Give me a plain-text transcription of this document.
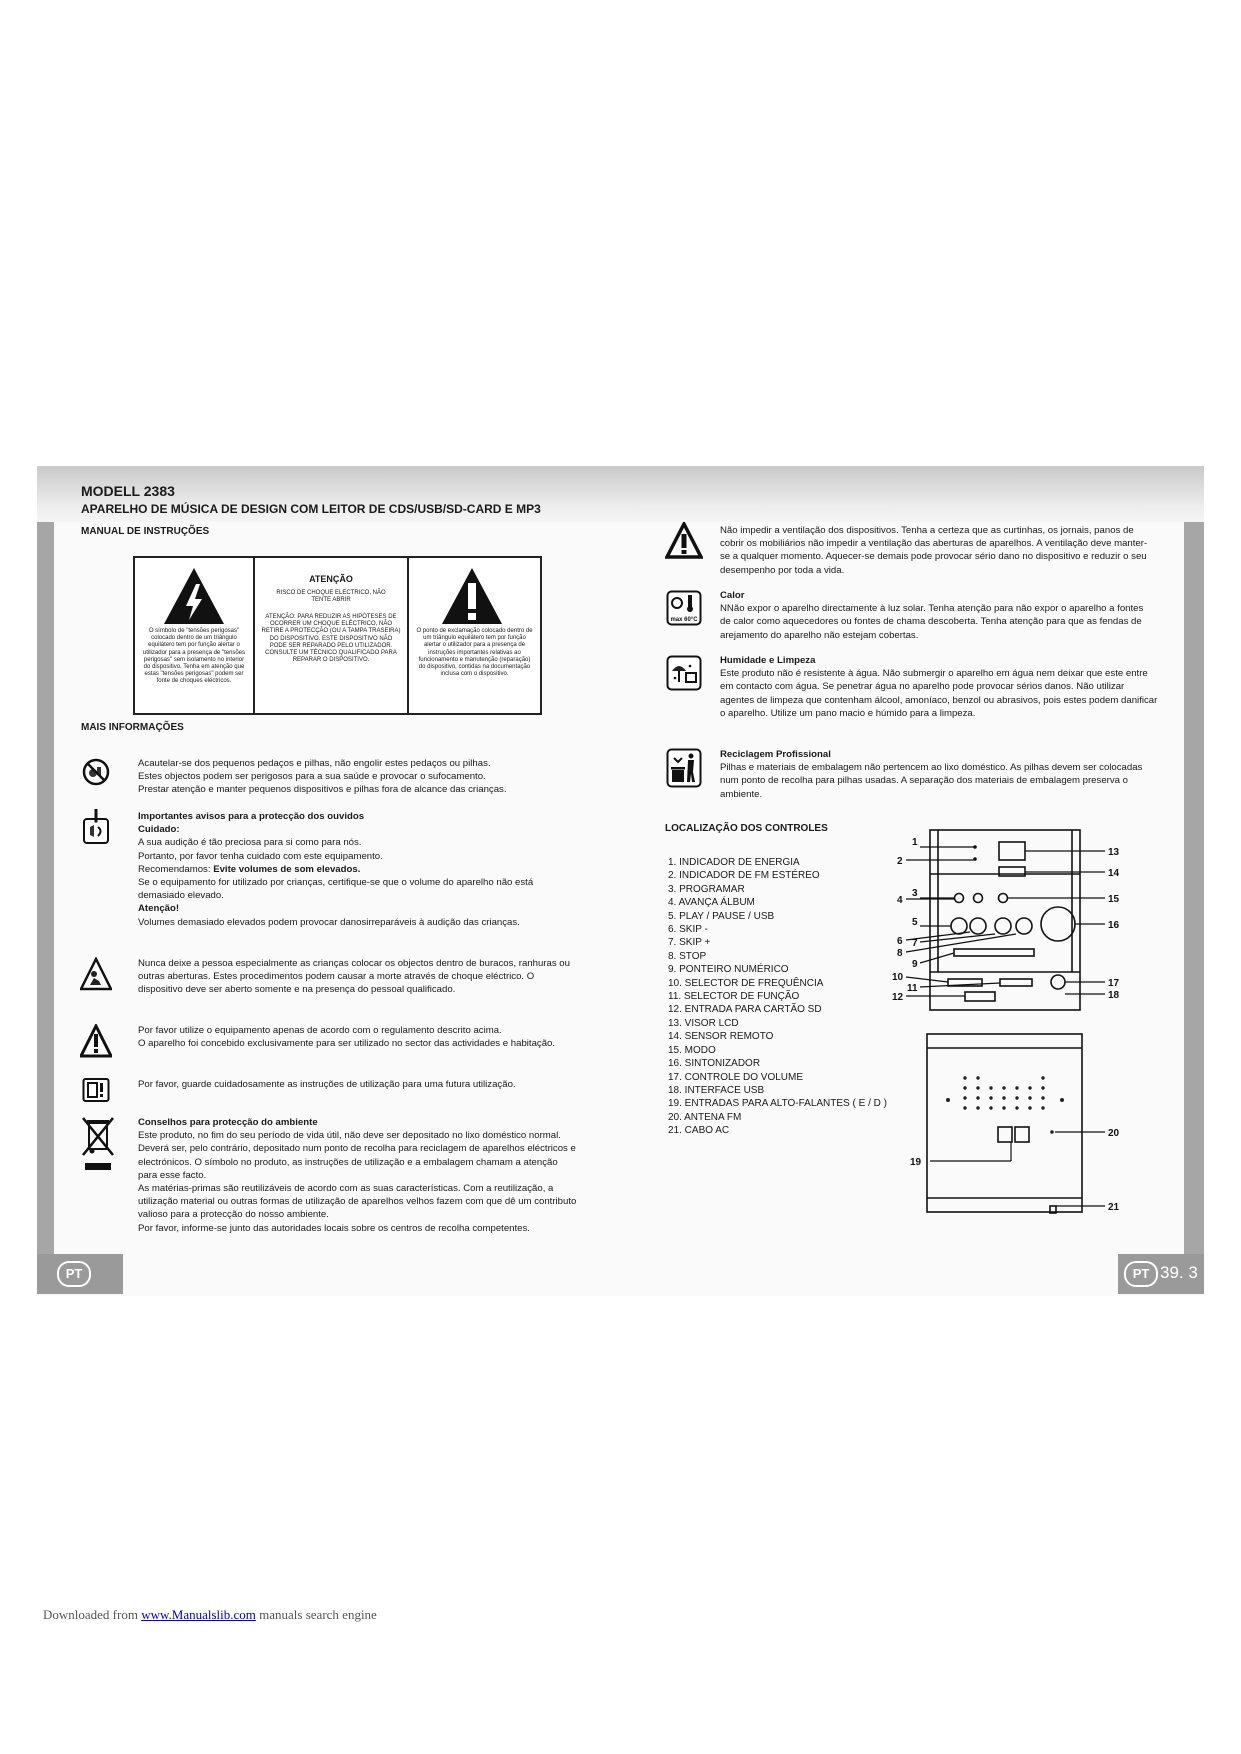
MODELL 2383
APARELHO DE MÚSICA DE DESIGN COM LEITOR DE CDS/USB/SD-CARD E MP3
MANUAL DE INSTRUÇÕES
O símbolo de "tensões perigosas" colocado dentro de um triângulo equilátero tem por função alertar o utilizador para a presença de "tensões perigosas" sem isolamento no interior do dispositivo. Tenha em atenção que estas "tensões perigosas" podem ser fonte de choques eléctricos.
ATENÇÃO
RISCO DE CHOQUE ELECTRICO, NÃO TENTE ABRIR
ATENÇÃO: PARA REDUZIR AS HIPÓTESES DE OCORRER UM CHOQUE ELÉCTRICO, NÃO RETIRE A PROTECÇÃO (OU A TAMPA TRASEIRA) DO DISPOSITIVO. ESTE DISPOSITIVO NÃO PODE SER REPARADO PELO UTILIZADOR. CONSULTE UM TÉCNICO QUALIFICADO PARA REPARAR O DISPOSITIVO.
O ponto de exclamação colocado dentro de um triângulo equilátero tem por função alertar o utilizador para a presença de instruções importantes relativas ao funcionamento e manutenção (reparação) do dispositivo, contidas na documentação inclusa com o dispositivo.
MAIS INFORMAÇÕES

Acautelar-se dos pequenos pedaços e pilhas, não engolir estes pedaços ou pilhas.

Estes objectos podem ser perigosos para a sua saúde e provocar o sufocamento.

Prestar atenção e manter pequenos dispositivos e pilhas fora de alcance das crianças.

Importantes avisos para a protecção dos ouvidos

Cuidado:

A sua audição é tão preciosa para si como para nós.

Portanto, por favor tenha cuidado com este equipamento.

Recomendamos: Evite volumes de som elevados.

Se o equipamento for utilizado por crianças, certifique-se que o volume do aparelho não está demasiado elevado.

Atenção!

Volumes demasiado elevados podem provocar danosirreparáveis à audição das crianças.

Nunca deixe a pessoa especialmente as crianças colocar os objectos dentro de buracos, ranhuras ou outras aberturas. Estes procedimentos podem causar a morte através de choque eléctrico. O dispositivo deve ser aberto somente e na presença do pessoal qualificado.

Por favor utilize o equipamento apenas de acordo com o regulamento descrito acima.

O aparelho foi concebido exclusivamente para ser utilizado no sector das actividades e habitação.

Por favor, guarde cuidadosamente as instruções de utilização para uma futura utilização.

Conselhos para protecção do ambiente

Este produto, no fim do seu período de vida útil, não deve ser depositado no lixo doméstico normal. Deverá ser, pelo contrário, depositado num ponto de recolha para reciclagem de aparelhos eléctricos e electrónicos. O símbolo no produto, as instruções de utilização e a embalagem chamam a atenção para esse facto.

As matérias-primas são reutilizáveis de acordo com as suas características. Com a reutilização, a utilização material ou outras formas de utilização de aparelhos velhos fazem com que dê um contributo valioso para a protecção do nosso ambiente.

Por favor, informe-se junto das autoridades locais sobre os centros de recolha competentes.

Não impedir a ventilação dos dispositivos. Tenha a certeza que as curtinhas, os jornais, panos de cobrir os mobiliários não impedir a ventilação das aberturas de aparelhos. A ventilação deve manter-se a qualquer momento. Aquecer-se demais pode provocar sério dano no dispositivo e reduzir o seu desempenho por toda a vida.
max 60°C

Calor

NNão expor o aparelho directamente à luz solar. Tenha atenção para não expor o aparelho a fontes de calor como aquecedores ou fontes de chama descoberta. Tenha atenção para que as fendas de arejamento do aparelho não estejam cobertas.

Humidade e Limpeza

Este produto não é resistente à água. Não submergir o aparelho em água nem deixar que este entre em contacto com água. Se penetrar água no aparelho pode provocar sérios danos. Não utilizar agentes de limpeza que contenham álcool, amoníaco, benzol ou abrasivos, pois estes podem danificar o aparelho. Utilize um pano macio e húmido para a limpeza.

Reciclagem Profissional

Pilhas e materiais de embalagem não pertencem ao lixo doméstico. As pilhas devem ser colocadas num ponto de recolha para pilhas usadas. A separação dos materiais de embalagem preserva o ambiente.

LOCALIZAÇÃO DOS CONTROLES
1. INDICADOR DE ENERGIA
2. INDICADOR DE FM ESTÉREO
3. PROGRAMAR
4. AVANÇA ÁLBUM
5. PLAY / PAUSE / USB
6. SKIP -
7. SKIP +
8. STOP
9. PONTEIRO NUMÉRICO
10. SELECTOR DE FREQUÊNCIA
11. SELECTOR DE FUNÇÃO
12. ENTRADA PARA CARTÃO SD
13. VISOR LCD
14. SENSOR REMOTO
15. MODO
16. SINTONIZADOR
17. CONTROLE DO VOLUME
18. INTERFACE USB
19. ENTRADAS PARA ALTO-FALANTES ( E / D )
20. ANTENA FM
21. CABO AC
1
2
3
4
5
6 7
8
9
10
11
12
13
14
15
16
17
18
19
20
21
PT	PT 39. 3
Downloaded from www.Manualslib.com manuals search engine
